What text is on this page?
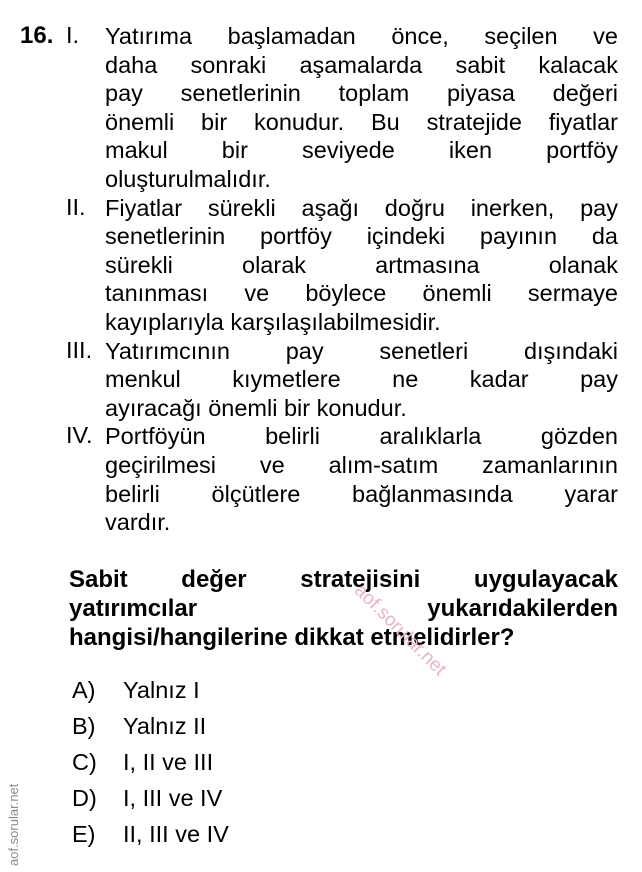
16. I. Yatırıma başlamadan önce, seçilen ve
daha sonraki aşamalarda sabit kalacak
pay senetlerinin toplam piyasa değeri
önemli bir konudur. Bu stratejide fiyatlar
makul bir seviyede iken portföy
oluşturulmalıdır.
II. Fiyatlar sürekli aşağı doğru inerken, pay
senetlerinin portföy içindeki payının da
sürekli olarak artmasına olanak
tanınması ve böylece önemli sermaye
kayıplarıyla karşılaşılabilmesidir.
III. Yatırımcının pay senetleri dışındaki
menkul kıymetlere ne kadar pay
ayıracağı önemli bir konudur.
IV. Portföyün belirli aralıklarla gözden
geçirilmesi ve alım-satım zamanlarının
belirli ölçütlere bağlanmasında yarar
vardır.
Sabit değer stratejisini uygulayacak
yatırımcılar yukarıdakilerden
hangisi/hangilerine dikkat etmelidirler?
A) Yalnız I
B) Yalnız II
C) I, II ve III
D) I, III ve IV
E) II, III ve IV
aof.sorular.net
aof.sorular.net
